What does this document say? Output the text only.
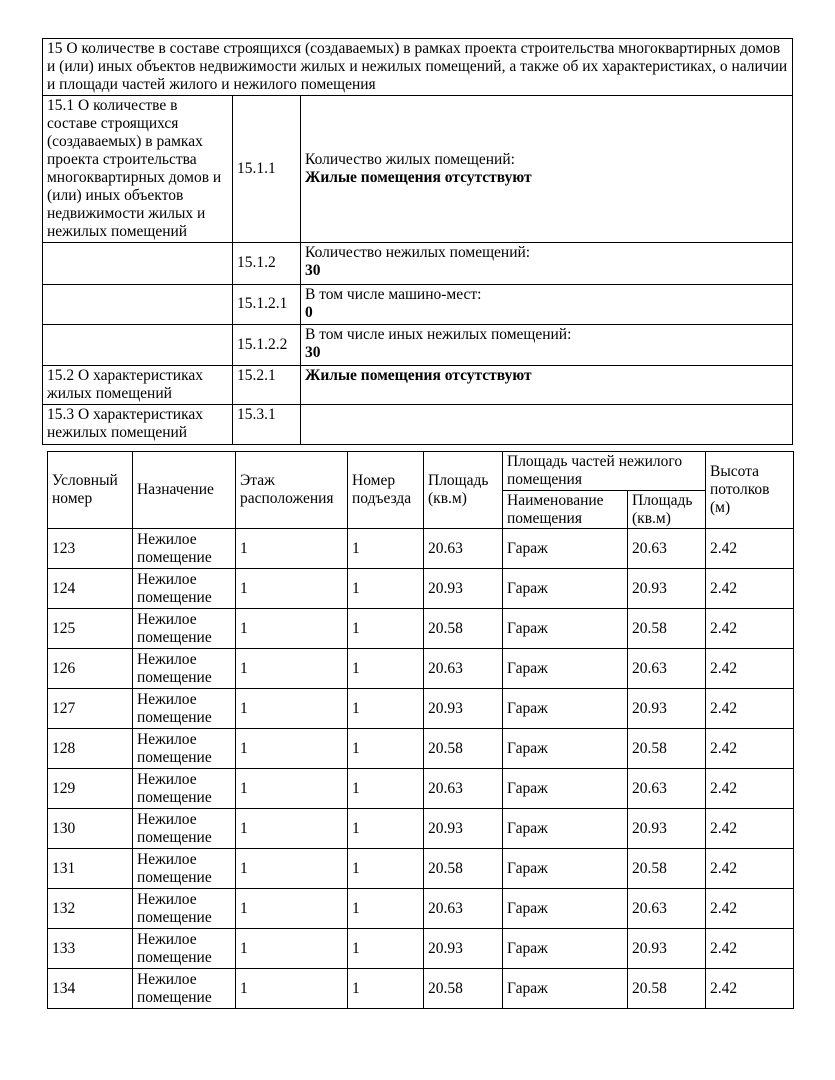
15 О количестве в составе строящихся (создаваемых) в рамках проекта строительства многоквартирных домов и (или) иных объектов недвижимости жилых и нежилых помещений, а также об их характеристиках, о наличии и площади частей жилого и нежилого помещения		
15.1 О количестве в составе строящихся (создаваемых) в рамках проекта строительства многоквартирных домов и (или) иных объектов недвижимости жилых и нежилых помещений	15.1.1	Количество жилых помещений:
Жилые помещения отсутствуют

	15.1.2	Количество нежилых помещений:
30

	15.1.2.1	В том числе машино-мест:
0

	15.1.2.2	В том числе иных нежилых помещений:
30

15.2 О характеристиках жилых помещений	15.2.1	Жилые помещения отсутствуют

15.3 О характеристиках нежилых помещений	15.3.1	
Условный номер	Назначение	Этаж расположения	Номер подъезда	Площадь (кв.м)	Площадь частей нежилого помещения		Высота потолков (м)
					Наименование помещения	Площадь (кв.м)	
123	Нежилое помещение	1	1	20.63	Гараж	20.63	2.42
124	Нежилое помещение	1	1	20.93	Гараж	20.93	2.42
125	Нежилое помещение	1	1	20.58	Гараж	20.58	2.42
126	Нежилое помещение	1	1	20.63	Гараж	20.63	2.42
127	Нежилое помещение	1	1	20.93	Гараж	20.93	2.42
128	Нежилое помещение	1	1	20.58	Гараж	20.58	2.42
129	Нежилое помещение	1	1	20.63	Гараж	20.63	2.42
130	Нежилое помещение	1	1	20.93	Гараж	20.93	2.42
131	Нежилое помещение	1	1	20.58	Гараж	20.58	2.42
132	Нежилое помещение	1	1	20.63	Гараж	20.63	2.42
133	Нежилое помещение	1	1	20.93	Гараж	20.93	2.42
134	Нежилое помещение	1	1	20.58	Гараж	20.58	2.42
